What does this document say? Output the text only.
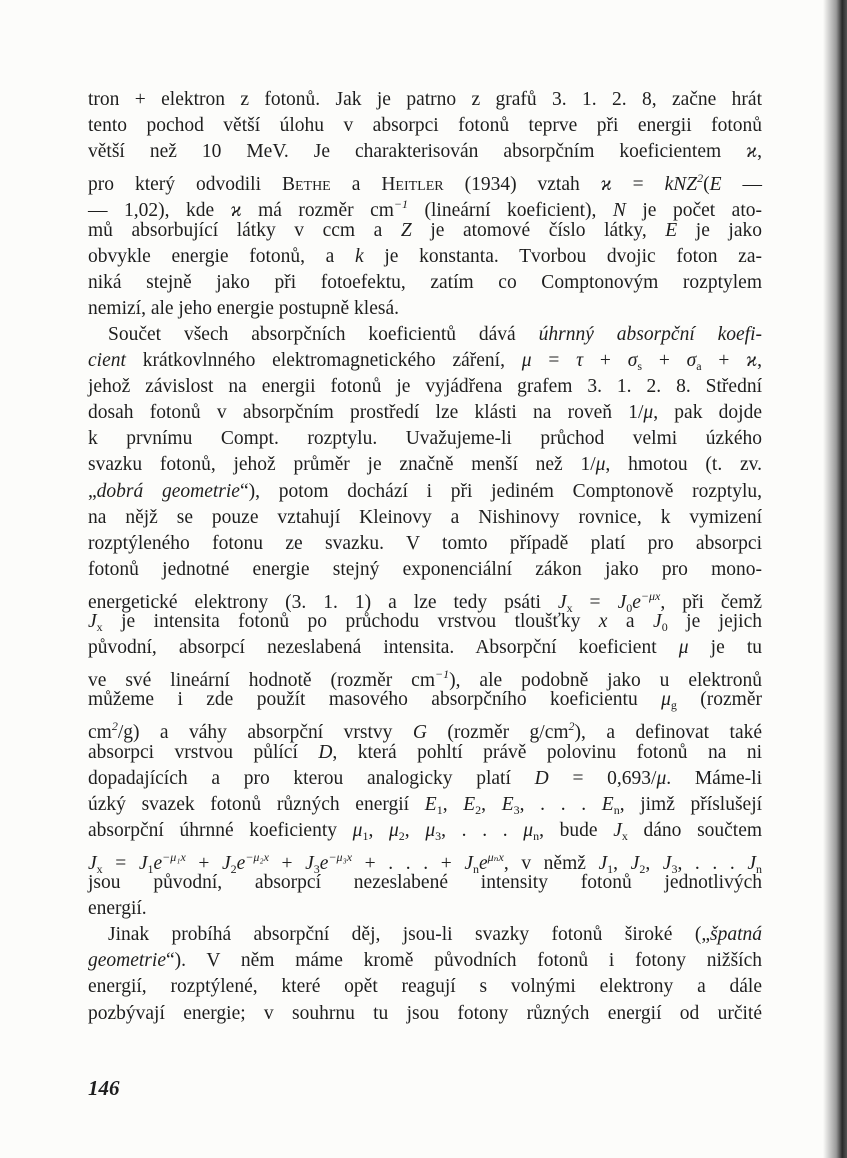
tron + elektron z fotonů. Jak je patrno z grafů 3. 1. 2. 8, začne hrát
tento pochod větší úlohu v absorpci fotonů teprve při energii fotonů
větší než 10 MeV. Je charakterisován absorpčním koeficientem ϰ,
pro který odvodili Bethe a Heitler (1934) vztah ϰ = kNZ$^2$(E —
— 1,02), kde ϰ má rozměr $cm^{-1}$ (lineární koeficient), N je počet ato-
mů absorbující látky v ccm a Z je atomové číslo látky, E je jako
obvykle energie fotonů, a k je konstanta. Tvorbou dvojic foton za-
niká stejně jako při fotoefektu, zatím co Comptonovým rozptylem
nemizí, ale jeho energie postupně klesá.
Součet všech absorpčních koeficientů dává úhrnný absorpční koefi-
cient krátkovlnného elektromagnetického záření, $\mu = \tau + \sigma_s + \sigma_a + ϰ$,
jehož závislost na energii fotonů je vyjádřena grafem 3. 1. 2. 8. Střední
dosah fotonů v absorpčním prostředí lze klásti na roveň 1/μ, pak dojde
k prvnímu Compt. rozptylu. Uvažujeme-li průchod velmi úzkého
svazku fotonů, jehož průměr je značně menší než 1/μ, hmotou (t. zv.
„dobrá geometrie“), potom dochází i při jediném Comptonově rozptylu,
na nějž se pouze vztahují Kleinovy a Nishinovy rovnice, k vymizení
rozptýleného fotonu ze svazku. V tomto případě platí pro absorpci
fotonů jednotné energie stejný exponenciální zákon jako pro mono-
energetické elektrony (3. 1. 1) a lze tedy psáti $J_x = J_0e^{-\mu x}$, při čemž
$J_x$ je intensita fotonů po průchodu vrstvou tloušťky x a $J_0$ je jejich
původní, absorpcí nezeslabená intensita. Absorpční koeficient μ je tu
ve své lineární hodnotě (rozměr $cm^{-1}$), ale podobně jako u elektronů
můžeme i zde použít masového absorpčního koeficientu $\mu_g$ (rozměr
$cm^2/g$) a váhy absorpční vrstvy G (rozměr $g/cm^2$), a definovat také
absorpci vrstvou půlící D, která pohltí právě polovinu fotonů na ni
dopadajících a pro kterou analogicky platí D = 0,693/μ. Máme-li
úzký svazek fotonů různých energií $E_1$, $E_2$, $E_3$, . . . $E_n$, jimž příslušejí
absorpční úhrnné koeficienty $\mu_1$, $\mu_2$, $\mu_3$, . . . $\mu_n$, bude $J_x$ dáno součtem
$J_x = J_1e^{-\mu_1x} + J_2e^{-\mu_2x} + J_3e^{-\mu_3x}$ + . . . + $J_ne^{\mu_nx}$, v němž $J_1$, $J_2$, $J_3$, . . . $J_n$
jsou původní, absorpcí nezeslabené intensity fotonů jednotlivých
energií.
Jinak probíhá absorpční děj, jsou-li svazky fotonů široké („špatná
geometrie“). V něm máme kromě původních fotonů i fotony nižších
energií, rozptýlené, které opět reagují s volnými elektrony a dále
pozbývají energie; v souhrnu tu jsou fotony různých energií od určité
146
